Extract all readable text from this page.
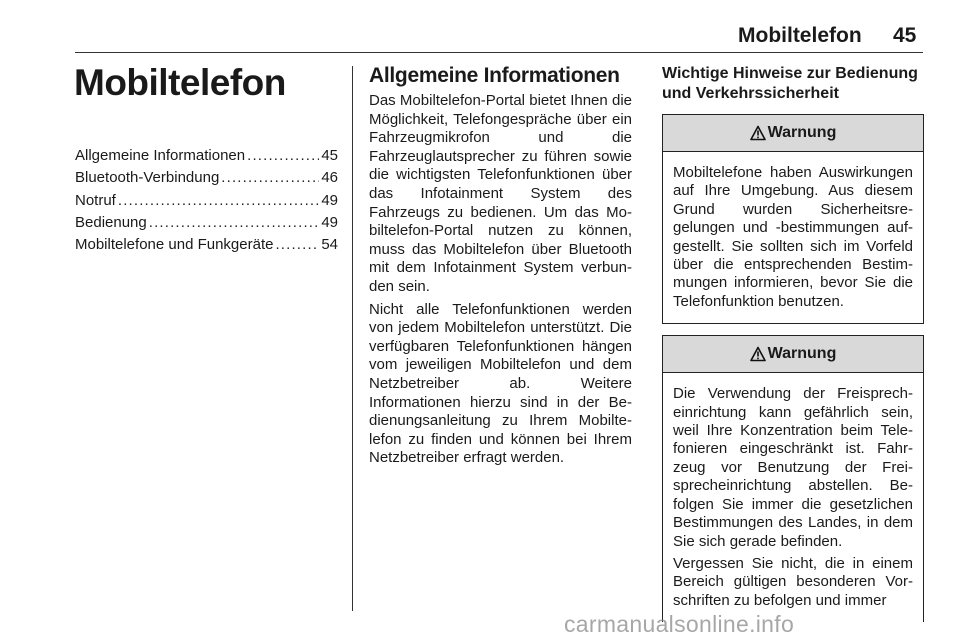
Mobiltelefon 45
Mobiltelefon
Allgemeine Informationen . . .	45
Bluetooth-Verbindung . . .	46
Notruf . . .	49
Bedienung . . .	49
Mobiltelefone und Funkgeräte . . .	54
Allgemeine Informationen

Das Mobiltelefon-Portal bietet Ihnen die Möglichkeit, Telefongespräche über ein Fahrzeugmikrofon und die Fahrzeuglautsprecher zu führen sowie die wichtigsten Telefonfunktionen über das Infotainment System des Fahrzeugs zu bedienen. Um das Mobiltelefon-Portal nutzen zu können, muss das Mobiltelefon über Bluetooth mit dem Infotainment System verbunden sein.

Nicht alle Telefonfunktionen werden von jedem Mobiltelefon unterstützt. Die verfügbaren Telefonfunktionen hängen vom jeweiligen Mobiltelefon und dem Netzbetreiber ab. Weitere Informationen hierzu sind in der Bedienungsanleitung zu Ihrem Mobiltelefon zu finden und können bei Ihrem Netzbetreiber erfragt werden.

Wichtige Hinweise zur Bedienung und Verkehrssicherheit
Warnung

Mobiltelefone haben Auswirkungen auf Ihre Umgebung. Aus diesem Grund wurden Sicherheitsregelungen und -bestimmungen aufgestellt. Sie sollten sich im Vorfeld über die entsprechenden Bestimmungen informieren, bevor Sie die Telefonfunktion benutzen.

Warnung

Die Verwendung der Freisprecheinrichtung kann gefährlich sein, weil Ihre Konzentration beim Telefonieren eingeschränkt ist. Fahrzeug vor Benutzung der Freisprecheinrichtung abstellen. Befolgen Sie immer die gesetzlichen Bestimmungen des Landes, in dem Sie sich gerade befinden.

Vergessen Sie nicht, die in einem Bereich gültigen besonderen Vorschriften zu befolgen und immer

carmanualsonline.info
